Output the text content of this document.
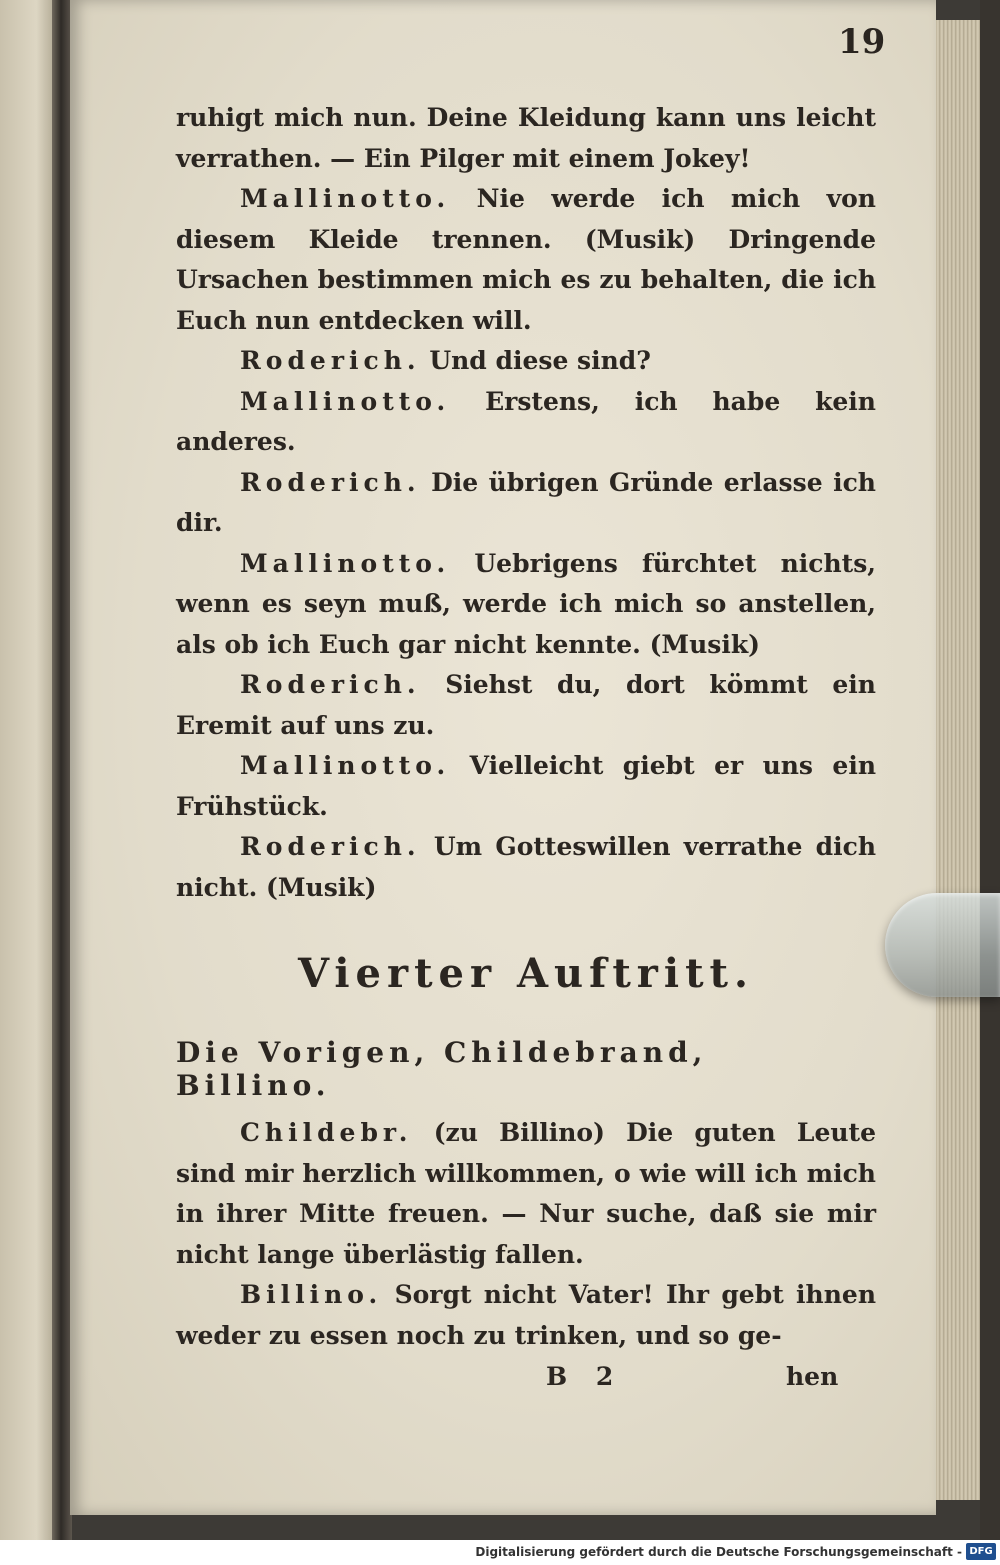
19

ruhigt mich nun. Deine Kleidung kann uns leicht verrathen. — Ein Pilger mit einem Jokey!

Mallinotto. Nie werde ich mich von diesem Kleide trennen. (Musik) Dringende Ursachen bestimmen mich es zu behalten, die ich Euch nun entdecken will.

Roderich. Und diese sind?

Mallinotto. Erstens, ich habe kein anderes.

Roderich. Die übrigen Gründe erlasse ich dir.

Mallinotto. Uebrigens fürchtet nichts, wenn es seyn muß, werde ich mich so anstellen, als ob ich Euch gar nicht kennte. (Musik)

Roderich. Siehst du, dort kömmt ein Eremit auf uns zu.

Mallinotto. Vielleicht giebt er uns ein Frühstück.

Roderich. Um Gotteswillen verrathe dich nicht. (Musik)

Vierter Auftritt.
Die Vorigen, Childebrand, Billino.

Childebr. (zu Billino) Die guten Leute sind mir herzlich willkommen, o wie will ich mich in ihrer Mitte freuen. — Nur suche, daß sie mir nicht lange überlästig fallen.

Billino. Sorgt nicht Vater! Ihr gebt ihnen weder zu essen noch zu trinken, und so ge-

B 2	hen
Digitalisierung gefördert durch die Deutsche Forschungsgemeinschaft - DFG
